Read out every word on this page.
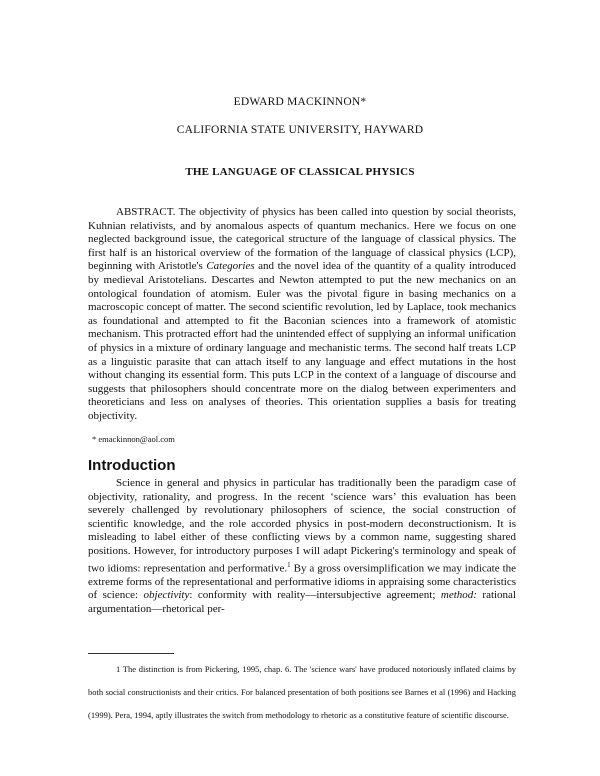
EDWARD MACKINNON*
CALIFORNIA STATE UNIVERSITY, HAYWARD
THE LANGUAGE OF CLASSICAL PHYSICS
ABSTRACT. The objectivity of physics has been called into question by social theorists, Kuhnian relativists, and by anomalous aspects of quantum mechanics. Here we focus on one neglected background issue, the categorical structure of the language of classical physics. The first half is an historical overview of the formation of the language of classical physics (LCP), beginning with Aristotle's Categories and the novel idea of the quantity of a quality introduced by medieval Aristotelians. Descartes and Newton attempted to put the new mechanics on an ontological foundation of atomism. Euler was the pivotal figure in basing mechanics on a macroscopic concept of matter. The second scientific revolution, led by Laplace, took mechanics as foundational and attempted to fit the Baconian sciences into a framework of atomistic mechanism. This protracted effort had the unintended effect of supplying an informal unification of physics in a mixture of ordinary language and mechanistic terms. The second half treats LCP as a linguistic parasite that can attach itself to any language and effect mutations in the host without changing its essential form. This puts LCP in the context of a language of discourse and suggests that philosophers should concentrate more on the dialog between experimenters and theoreticians and less on analyses of theories. This orientation supplies a basis for treating objectivity.
* emackinnon@aol.com
Introduction
Science in general and physics in particular has traditionally been the paradigm case of objectivity, rationality, and progress. In the recent ‘science wars’ this evaluation has been severely challenged by revolutionary philosophers of science, the social construction of scientific knowledge, and the role accorded physics in post-modern deconstructionism. It is misleading to label either of these conflicting views by a common name, suggesting shared positions. However, for introductory purposes I will adapt Pickering's terminology and speak of two idioms: representation and performative.$^1$ By a gross oversimplification we may indicate the extreme forms of the representational and performative idioms in appraising some characteristics of science: objectivity: conformity with reality—intersubjective agreement; method: rational argumentation—rhetorical per-
1 The distinction is from Pickering, 1995, chap. 6. The 'science wars' have produced notoriously inflated claims by both social constructionists and their critics. For balanced presentation of both positions see Barnes et al (1996) and Hacking (1999). Pera, 1994, aptly illustrates the switch from methodology to rhetoric as a constitutive feature of scientific discourse.
